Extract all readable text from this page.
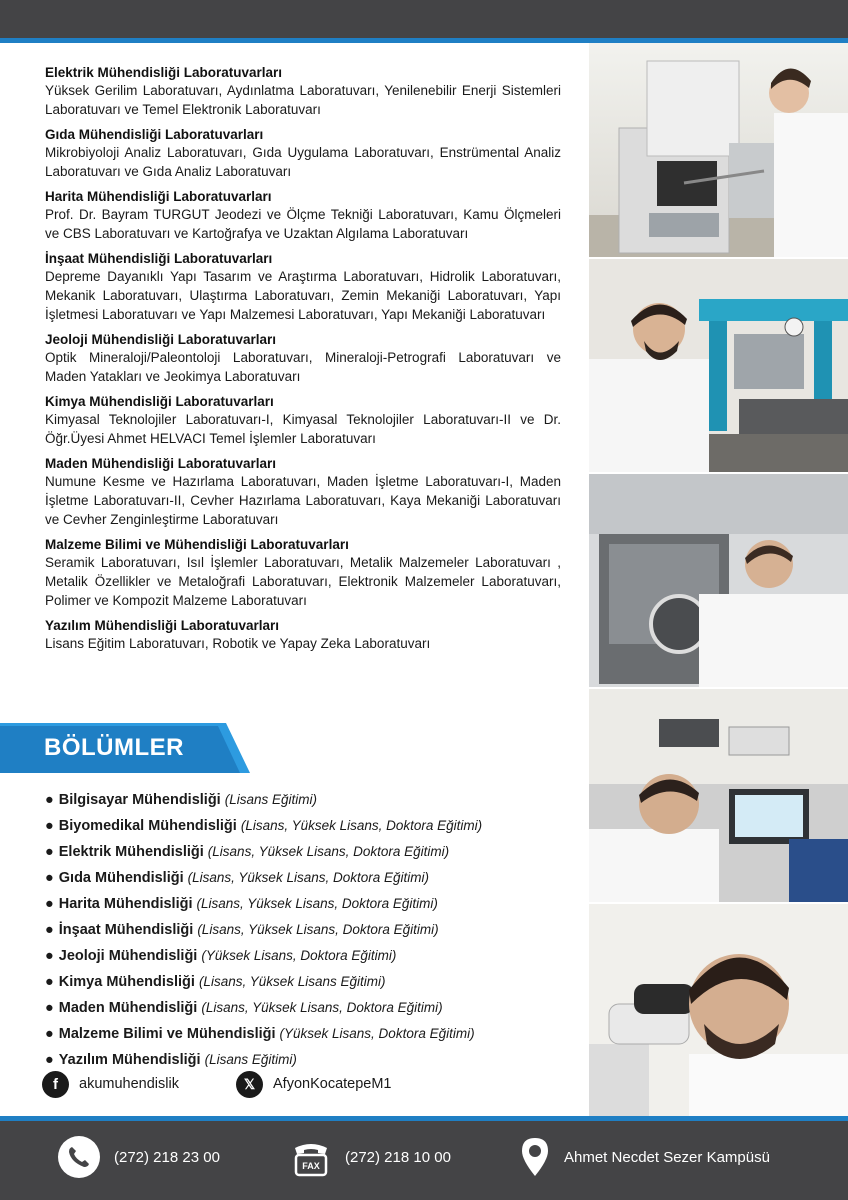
Elektrik Mühendisliği Laboratuvarları

Yüksek Gerilim Laboratuvarı, Aydınlatma Laboratuvarı, Yenilenebilir Enerji Sistemleri Laboratuvarı ve Temel Elektronik Laboratuvarı

Gıda Mühendisliği Laboratuvarları

Mikrobiyoloji Analiz Laboratuvarı, Gıda Uygulama Laboratuvarı, Enstrümental Analiz Laboratuvarı ve Gıda Analiz Laboratuvarı

Harita Mühendisliği Laboratuvarları

Prof. Dr. Bayram TURGUT Jeodezi ve Ölçme Tekniği Laboratuvarı, Kamu Ölçmeleri ve CBS Laboratuvarı ve Kartoğrafya ve Uzaktan Algılama Laboratuvarı

İnşaat Mühendisliği Laboratuvarları

Depreme Dayanıklı Yapı Tasarım ve Araştırma Laboratuvarı, Hidrolik Laboratuvarı, Mekanik Laboratuvarı, Ulaştırma Laboratuvarı, Zemin Mekaniği Laboratuvarı, Yapı İşletmesi Laboratuvarı ve Yapı Malzemesi Laboratuvarı, Yapı Mekaniği Laboratuvarı

Jeoloji Mühendisliği Laboratuvarları

Optik Mineraloji/Paleontoloji Laboratuvarı, Mineraloji-Petrografi Laboratuvarı ve Maden Yatakları ve Jeokimya Laboratuvarı

Kimya Mühendisliği Laboratuvarları

Kimyasal Teknolojiler Laboratuvarı-I, Kimyasal Teknolojiler Laboratuvarı-II ve Dr. Öğr.Üyesi Ahmet HELVACI Temel İşlemler Laboratuvarı

Maden Mühendisliği Laboratuvarları

Numune Kesme ve Hazırlama Laboratuvarı, Maden İşletme Laboratuvarı-I, Maden İşletme Laboratuvarı-II, Cevher Hazırlama Laboratuvarı, Kaya Mekaniği Laboratuvarı ve Cevher Zenginleştirme Laboratuvarı

Malzeme Bilimi ve Mühendisliği Laboratuvarları

Seramik Laboratuvarı, Isıl İşlemler Laboratuvarı, Metalik Malzemeler Laboratuvarı , Metalik Özellikler ve Metaloğrafi Laboratuvarı, Elektronik Malzemeler Laboratuvarı, Polimer ve Kompozit Malzeme Laboratuvarı

Yazılım Mühendisliği Laboratuvarları

Lisans Eğitim Laboratuvarı, Robotik ve Yapay Zeka Laboratuvarı

BÖLÜMLER
● Bilgisayar Mühendisliği (Lisans Eğitimi)
● Biyomedikal Mühendisliği (Lisans, Yüksek Lisans, Doktora Eğitimi)
● Elektrik Mühendisliği (Lisans, Yüksek Lisans, Doktora Eğitimi)
● Gıda Mühendisliği (Lisans, Yüksek Lisans, Doktora Eğitimi)
● Harita Mühendisliği (Lisans, Yüksek Lisans, Doktora Eğitimi)
● İnşaat Mühendisliği (Lisans, Yüksek Lisans, Doktora Eğitimi)
● Jeoloji Mühendisliği (Yüksek Lisans, Doktora Eğitimi)
● Kimya Mühendisliği (Lisans, Yüksek Lisans Eğitimi)
● Maden Mühendisliği (Lisans, Yüksek Lisans, Doktora Eğitimi)
● Malzeme Bilimi ve Mühendisliği (Yüksek Lisans, Doktora Eğitimi)
● Yazılım Mühendisliği (Lisans Eğitimi)
f	akumuhendislik	𝕏	AfyonKocatepeM1
(272) 218 23 00
FAX
(272) 218 10 00	Ahmet Necdet Sezer Kampüsü
